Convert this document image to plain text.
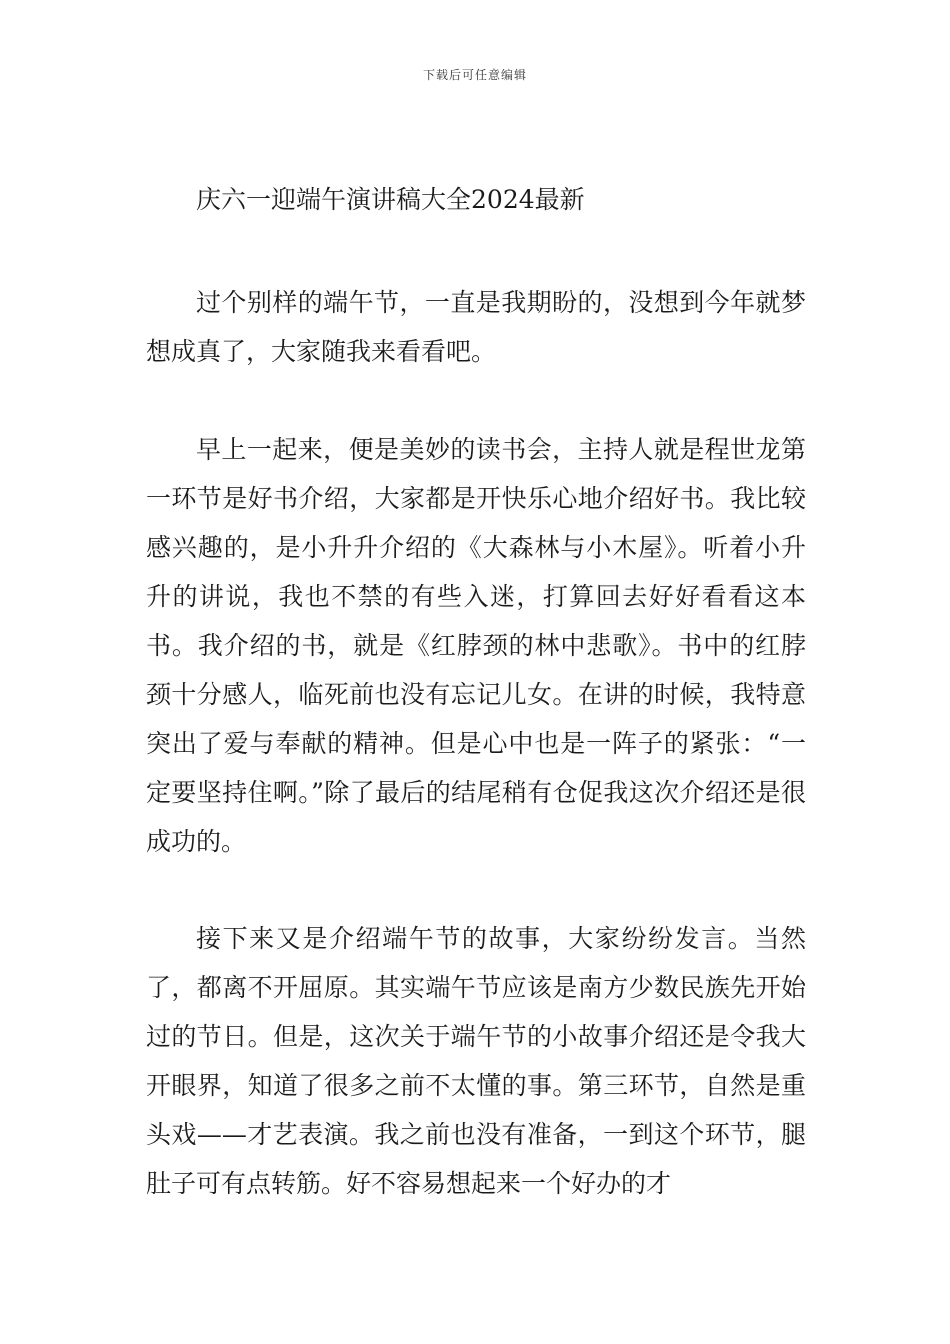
下载后可任意编辑
庆六一迎端午演讲稿大全2024最新

过个别样的端午节，一直是我期盼的，没想到今年就梦想成真了，大家随我来看看吧。

早上一起来，便是美妙的读书会，主持人就是程世龙第一环节是好书介绍，大家都是开快乐心地介绍好书。我比较感兴趣的，是小升升介绍的《大森林与小木屋》。听着小升升的讲说，我也不禁的有些入迷，打算回去好好看看这本书。我介绍的书，就是《红脖颈的林中悲歌》。书中的红脖颈十分感人，临死前也没有忘记儿女。在讲的时候，我特意突出了爱与奉献的精神。但是心中也是一阵子的紧张：“一定要坚持住啊。”除了最后的结尾稍有仓促我这次介绍还是很成功的。

接下来又是介绍端午节的故事，大家纷纷发言。当然了，都离不开屈原。其实端午节应该是南方少数民族先开始过的节日。但是，这次关于端午节的小故事介绍还是令我大开眼界，知道了很多之前不太懂的事。第三环节，自然是重头戏——才艺表演。我之前也没有准备，一到这个环节，腿肚子可有点转筋。好不容易想起来一个好办的才
